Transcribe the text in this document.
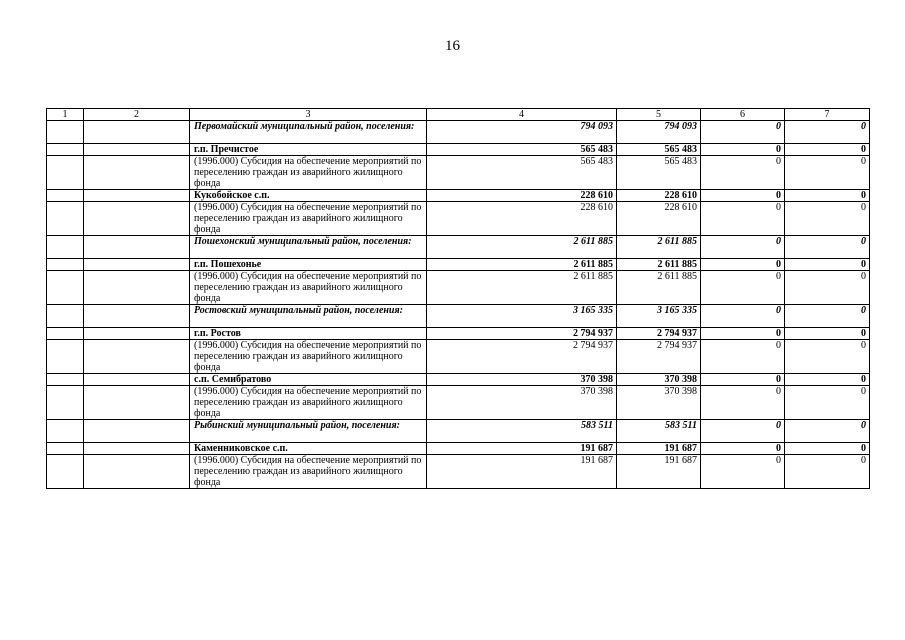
16
1	2	3	4	5	6	7
		Первомайский муниципальный район, поселения:	794 093	794 093	0	0
		г.п. Пречистое	565 483	565 483	0	0
		(1996.000) Субсидия на обеспечение мероприятий по переселению граждан из аварийного жилищного фонда	565 483	565 483	0	0
		Кукобойское с.п.	228 610	228 610	0	0
		(1996.000) Субсидия на обеспечение мероприятий по переселению граждан из аварийного жилищного фонда	228 610	228 610	0	0
		Пошехонский муниципальный район, поселения:	2 611 885	2 611 885	0	0
		г.п. Пошехонье	2 611 885	2 611 885	0	0
		(1996.000) Субсидия на обеспечение мероприятий по переселению граждан из аварийного жилищного фонда	2 611 885	2 611 885	0	0
		Ростовский муниципальный район, поселения:	3 165 335	3 165 335	0	0
		г.п. Ростов	2 794 937	2 794 937	0	0
		(1996.000) Субсидия на обеспечение мероприятий по переселению граждан из аварийного жилищного фонда	2 794 937	2 794 937	0	0
		с.п. Семибратово	370 398	370 398	0	0
		(1996.000) Субсидия на обеспечение мероприятий по переселению граждан из аварийного жилищного фонда	370 398	370 398	0	0
		Рыбинский муниципальный район, поселения:	583 511	583 511	0	0
		Каменниковское с.п.	191 687	191 687	0	0
		(1996.000) Субсидия на обеспечение мероприятий по переселению граждан из аварийного жилищного фонда	191 687	191 687	0	0
